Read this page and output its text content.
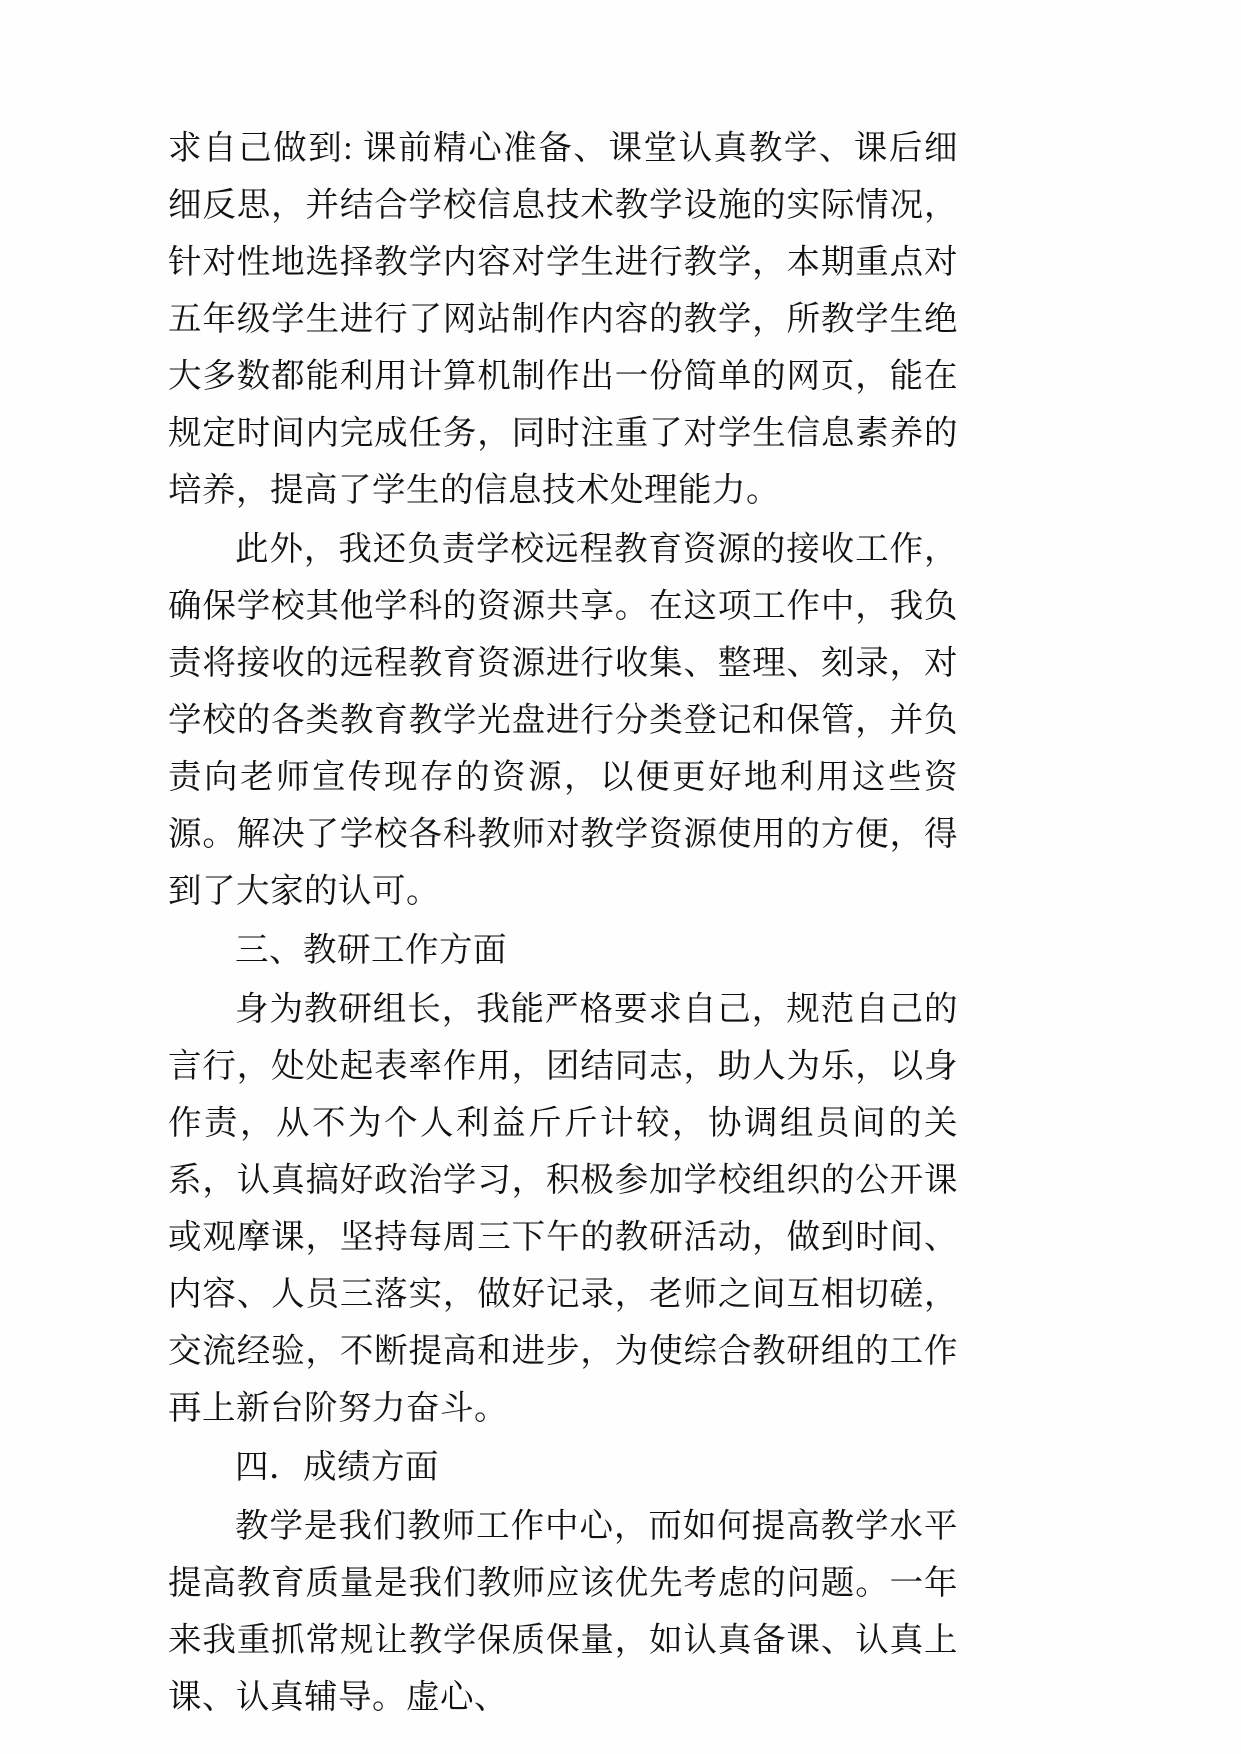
求自己做到: 课前精心准备、课堂认真教学、课后细细反思，并结合学校信息技术教学设施的实际情况，针对性地选择教学内容对学生进行教学，本期重点对五年级学生进行了网站制作内容的教学，所教学生绝大多数都能利用计算机制作出一份简单的网页，能在规定时间内完成任务，同时注重了对学生信息素养的培养，提高了学生的信息技术处理能力。

此外，我还负责学校远程教育资源的接收工作，确保学校其他学科的资源共享。在这项工作中，我负责将接收的远程教育资源进行收集、整理、刻录，对学校的各类教育教学光盘进行分类登记和保管，并负责向老师宣传现存的资源，以便更好地利用这些资源。解决了学校各科教师对教学资源使用的方便，得到了大家的认可。

三、教研工作方面

身为教研组长，我能严格要求自己，规范自己的言行，处处起表率作用，团结同志，助人为乐，以身作责，从不为个人利益斤斤计较，协调组员间的关系，认真搞好政治学习，积极参加学校组织的公开课或观摩课，坚持每周三下午的教研活动，做到时间、内容、人员三落实，做好记录，老师之间互相切磋，交流经验，不断提高和进步，为使综合教研组的工作再上新台阶努力奋斗。

四．成绩方面

教学是我们教师工作中心，而如何提高教学水平提高教育质量是我们教师应该优先考虑的问题。一年来我重抓常规让教学保质保量，如认真备课、认真上课、认真辅导。虚心、
